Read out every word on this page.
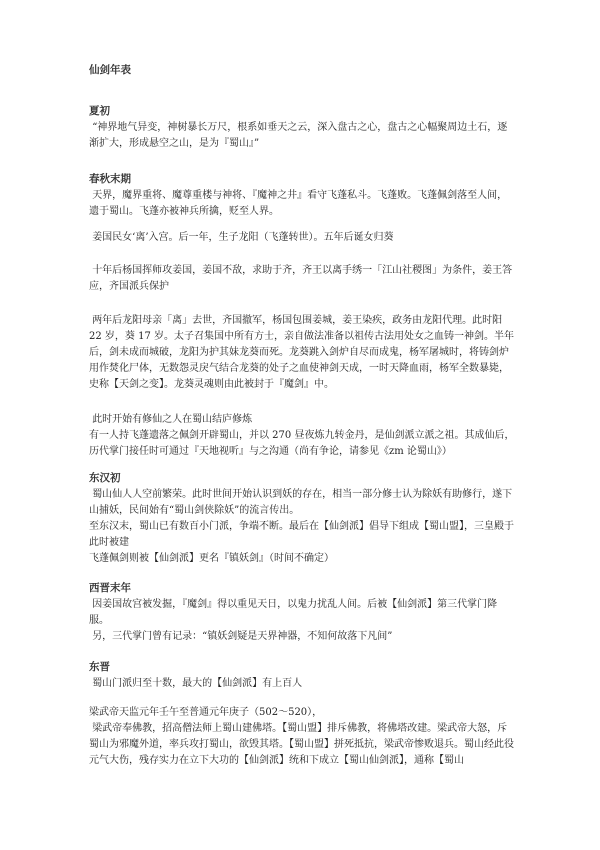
仙剑年表
夏初
“神界地气异变，神树暴长万尺，根系如垂天之云，深入盘古之心，盘古之心幅聚周边土石，逐渐扩大，形成悬空之山，是为『蜀山』”
春秋末期
天界，魔界重将、魔尊重楼与神将、『魔神之井』看守飞蓬私斗。飞蓬败。飞蓬佩剑落至人间，遗于蜀山。飞蓬亦被神兵所擒，贬至人界。
姜国民女‘离’入宫。后一年，生子龙阳（飞蓬转世）。五年后诞女归葵
十年后杨国挥师攻姜国，姜国不敌，求助于齐，齐王以离手绣一「江山社稷图」为条件，姜王答应，齐国派兵保护
两年后龙阳母亲「离」去世，齐国撤军，杨国包围姜城，姜王染疾，政务由龙阳代理。此时阳 22 岁，葵 17 岁。太子召集国中所有方士，亲自做法准备以祖传古法用处女之血铸一神剑。半年后，剑未成而城破，龙阳为护其妹龙葵而死。龙葵跳入剑炉自尽而成鬼，杨军屠城时，将铸剑炉用作焚化尸体，无数怨灵戾气结合龙葵的处子之血使神剑天成，一时天降血雨，杨军全数暴毙，史称【天剑之变】。龙葵灵魂则由此被封于『魔剑』中。
此时开始有修仙之人在蜀山结庐修炼
有一人持飞蓬遗落之佩剑开辟蜀山，并以 270 昼夜炼九转金丹，是仙剑派立派之祖。其成仙后，历代掌门接任时可通过『天地视听』与之沟通（尚有争论，请参见《zm 论蜀山》）
东汉初
蜀山仙人人空前繁荣。此时世间开始认识到妖的存在，相当一部分修士认为除妖有助修行，遂下山捕妖，民间始有“蜀山剑侠除妖”的流言传出。
至东汉末，蜀山已有数百小门派，争端不断。最后在【仙剑派】倡导下组成【蜀山盟】，三皇殿于此时被建
飞蓬佩剑则被【仙剑派】更名『镇妖剑』（时间不确定）
西晋末年
因姜国故宫被发掘，『魔剑』得以重见天日，以鬼力扰乱人间。后被【仙剑派】第三代掌门降服。
另，三代掌门曾有记录：“镇妖剑疑是天界神器，不知何故落下凡间”
东晋
蜀山门派归至十数，最大的【仙剑派】有上百人
梁武帝天监元年壬午至普通元年庚子（502～520），
梁武帝奉佛教，招高僧法师上蜀山建佛塔。【蜀山盟】排斥佛教，将佛塔改建。梁武帝大怒，斥蜀山为邪魔外道，率兵攻打蜀山，欲毁其塔。【蜀山盟】拼死抵抗，梁武帝惨败退兵。蜀山经此役元气大伤，残存实力在立下大功的【仙剑派】统和下成立【蜀山仙剑派】，通称【蜀山
